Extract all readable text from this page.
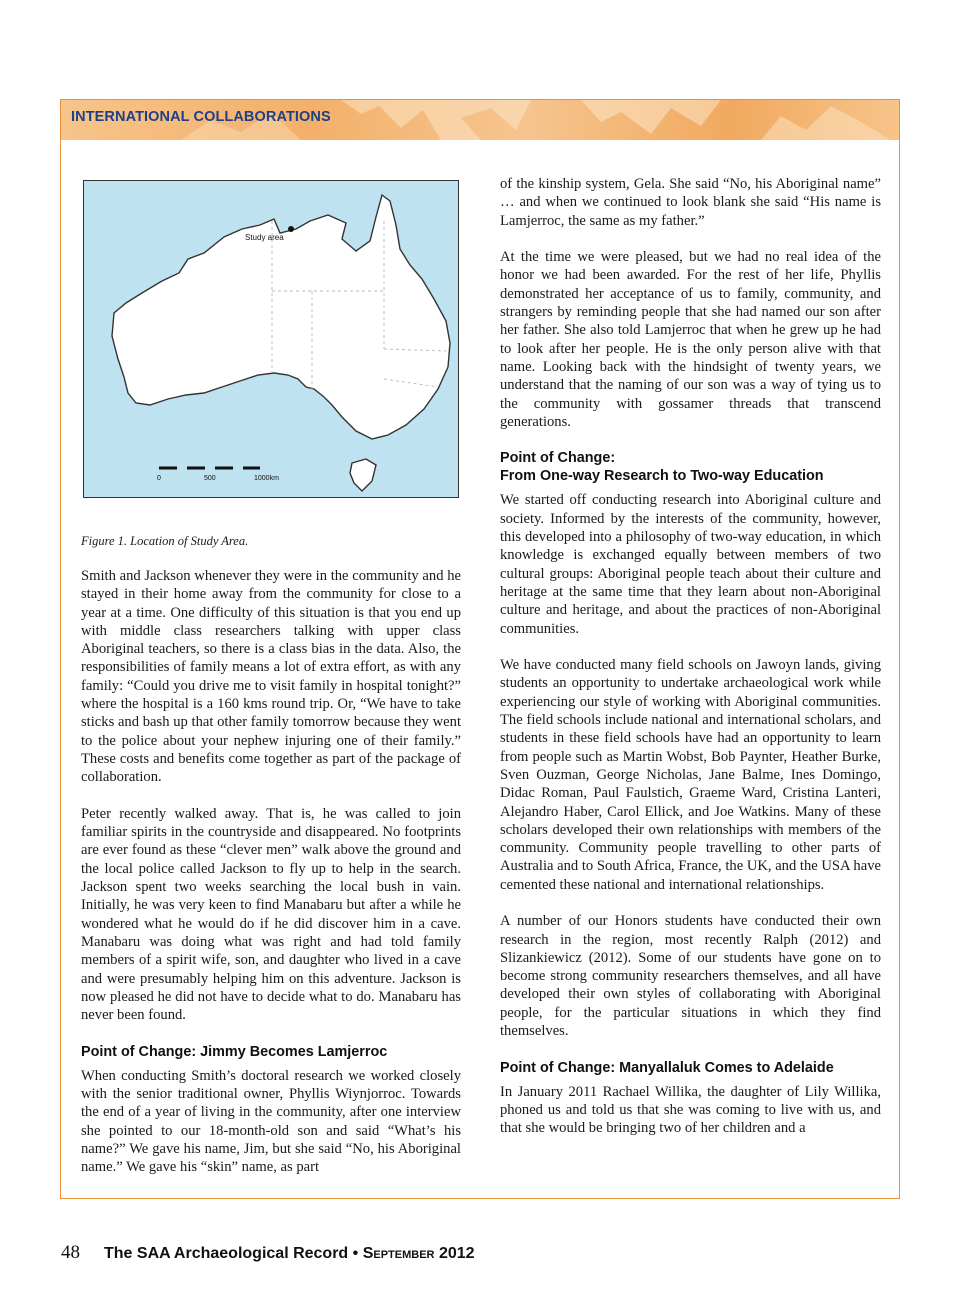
INTERNATIONAL COLLABORATIONS
Study area
0	500	1000km
Figure 1. Location of Study Area.

Smith and Jackson whenever they were in the community and he stayed in their home away from the community for close to a year at a time. One difficulty of this situation is that you end up with middle class researchers talking with upper class Aboriginal teachers, so there is a class bias in the data. Also, the responsibilities of family means a lot of extra effort, as with any family: “Could you drive me to visit family in hospital tonight?” where the hospital is a 160 kms round trip. Or, “We have to take sticks and bash up that other family tomorrow because they went to the police about your nephew injuring one of their family.” These costs and benefits come together as part of the package of collaboration.

Peter recently walked away. That is, he was called to join familiar spirits in the countryside and disappeared. No footprints are ever found as these “clever men” walk above the ground and the local police called Jackson to fly up to help in the search. Jackson spent two weeks searching the local bush in vain. Initially, he was very keen to find Manabaru but after a while he wondered what he would do if he did discover him in a cave. Manabaru was doing what was right and had told family members of a spirit wife, son, and daughter who lived in a cave and were presumably helping him on this adventure. Jackson is now pleased he did not have to decide what to do. Manabaru has never been found.

Point of Change: Jimmy Becomes Lamjerroc

When conducting Smith’s doctoral research we worked closely with the senior traditional owner, Phyllis Wiynjorroc. Towards the end of a year of living in the community, after one interview she pointed to our 18-month-old son and said “What’s his name?” We gave his name, Jim, but she said “No, his Aboriginal name.” We gave his “skin” name, as part

of the kinship system, Gela. She said “No, his Aboriginal name” … and when we continued to look blank she said “His name is Lamjerroc, the same as my father.”

At the time we were pleased, but we had no real idea of the honor we had been awarded. For the rest of her life, Phyllis demonstrated her acceptance of us to family, community, and strangers by reminding people that she had named our son after her father. She also told Lamjerroc that when he grew up he had to look after her people. He is the only person alive with that name. Looking back with the hindsight of twenty years, we understand that the naming of our son was a way of tying us to the community with gossamer threads that transcend generations.

Point of Change:
From One-way Research to Two-way Education

We started off conducting research into Aboriginal culture and society. Informed by the interests of the community, however, this developed into a philosophy of two-way education, in which knowledge is exchanged equally between members of two cultural groups: Aboriginal people teach about their culture and heritage at the same time that they learn about non-Aboriginal culture and heritage, and about the practices of non-Aboriginal communities.

We have conducted many field schools on Jawoyn lands, giving students an opportunity to undertake archaeological work while experiencing our style of working with Aboriginal communities. The field schools include national and international scholars, and students in these field schools have had an opportunity to learn from people such as Martin Wobst, Bob Paynter, Heather Burke, Sven Ouzman, George Nicholas, Jane Balme, Ines Domingo, Didac Roman, Paul Faulstich, Graeme Ward, Cristina Lanteri, Alejandro Haber, Carol Ellick, and Joe Watkins. Many of these scholars developed their own relationships with members of the community. Community people travelling to other parts of Australia and to South Africa, France, the UK, and the USA have cemented these national and international relationships.

A number of our Honors students have conducted their own research in the region, most recently Ralph (2012) and Slizankiewicz (2012). Some of our students have gone on to become strong community researchers themselves, and all have developed their own styles of collaborating with Aboriginal people, for the particular situations in which they find themselves.

Point of Change: Manyallaluk Comes to Adelaide

In January 2011 Rachael Willika, the daughter of Lily Willika, phoned us and told us that she was coming to live with us, and that she would be bringing two of her children and a

48 The SAA Archaeological Record • September 2012
